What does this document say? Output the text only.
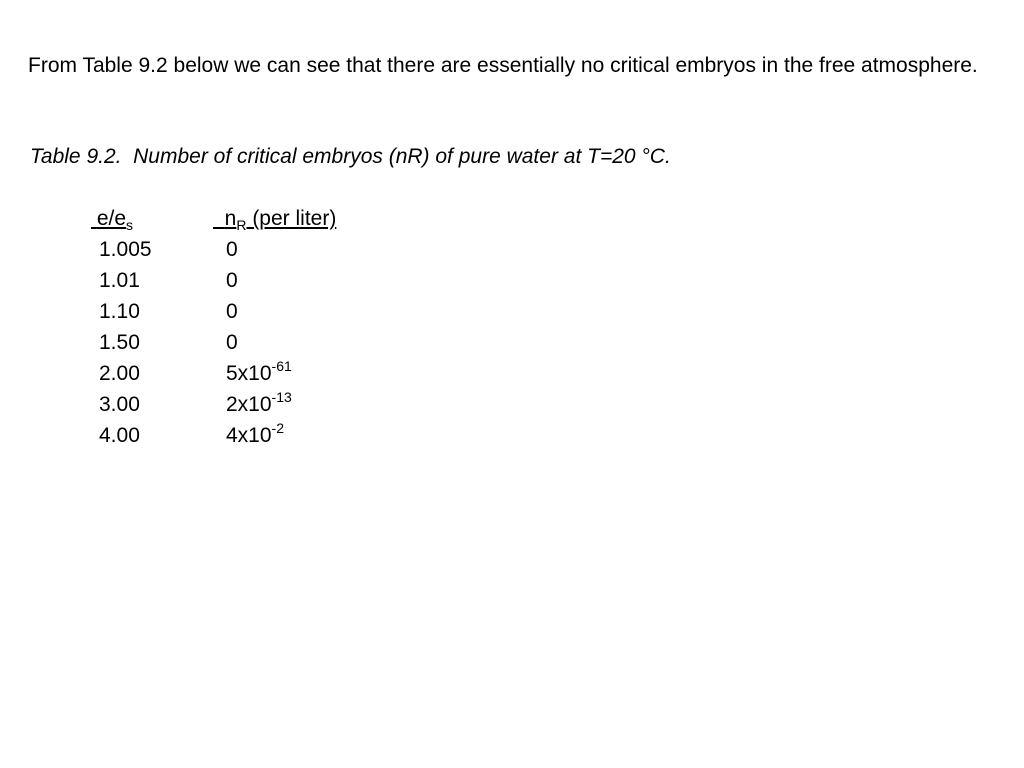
From Table 9.2 below we can see that there are essentially no critical embryos in the free atmosphere.

Table 9.2.  Number of critical embryos (nR) of pure water at T=20 °C.

$e/e_s$	$n_R$ (per liter)
1.005	0
1.01	0
1.10	0
1.50	0
2.00	$5x10^{-61}$
3.00	$2x10^{-13}$
4.00	$4x10^{-2}$
